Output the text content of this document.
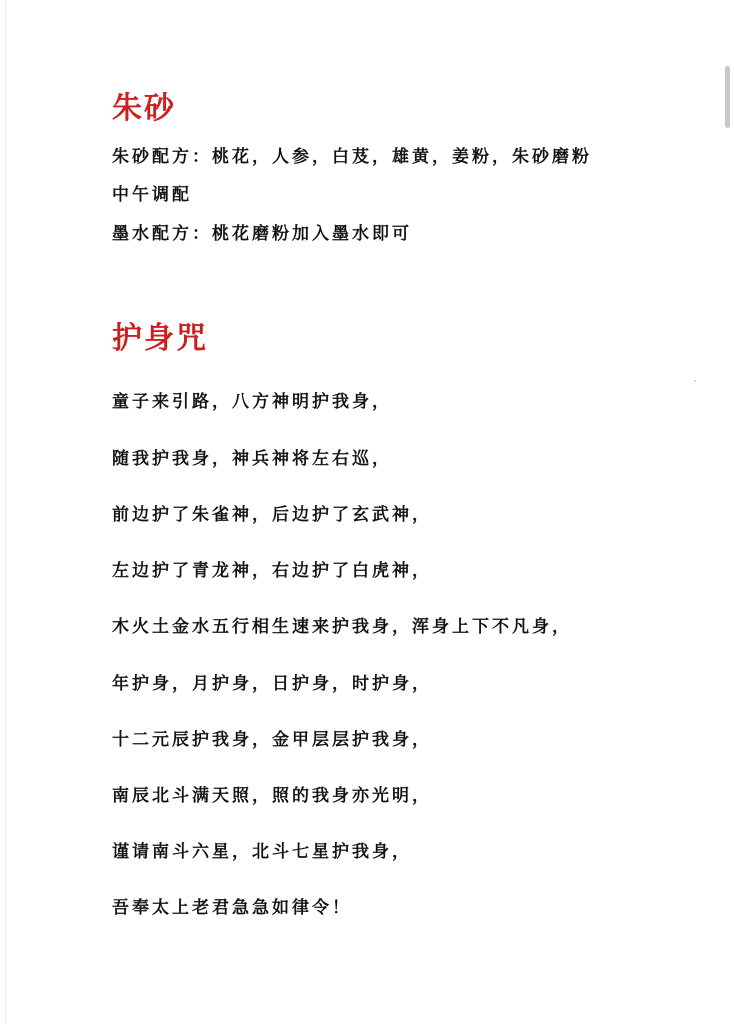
朱砂

朱砂配方：桃花，人参，白芨，雄黄，姜粉，朱砂磨粉

中午调配

墨水配方：桃花磨粉加入墨水即可

护身咒

童子来引路，八方神明护我身，

随我护我身，神兵神将左右巡，

前边护了朱雀神，后边护了玄武神，

左边护了青龙神，右边护了白虎神，

木火土金水五行相生速来护我身，浑身上下不凡身，

年护身，月护身，日护身，时护身，

十二元辰护我身，金甲层层护我身，

南辰北斗满天照，照的我身亦光明，

谨请南斗六星，北斗七星护我身，

吾奉太上老君急急如律令！
